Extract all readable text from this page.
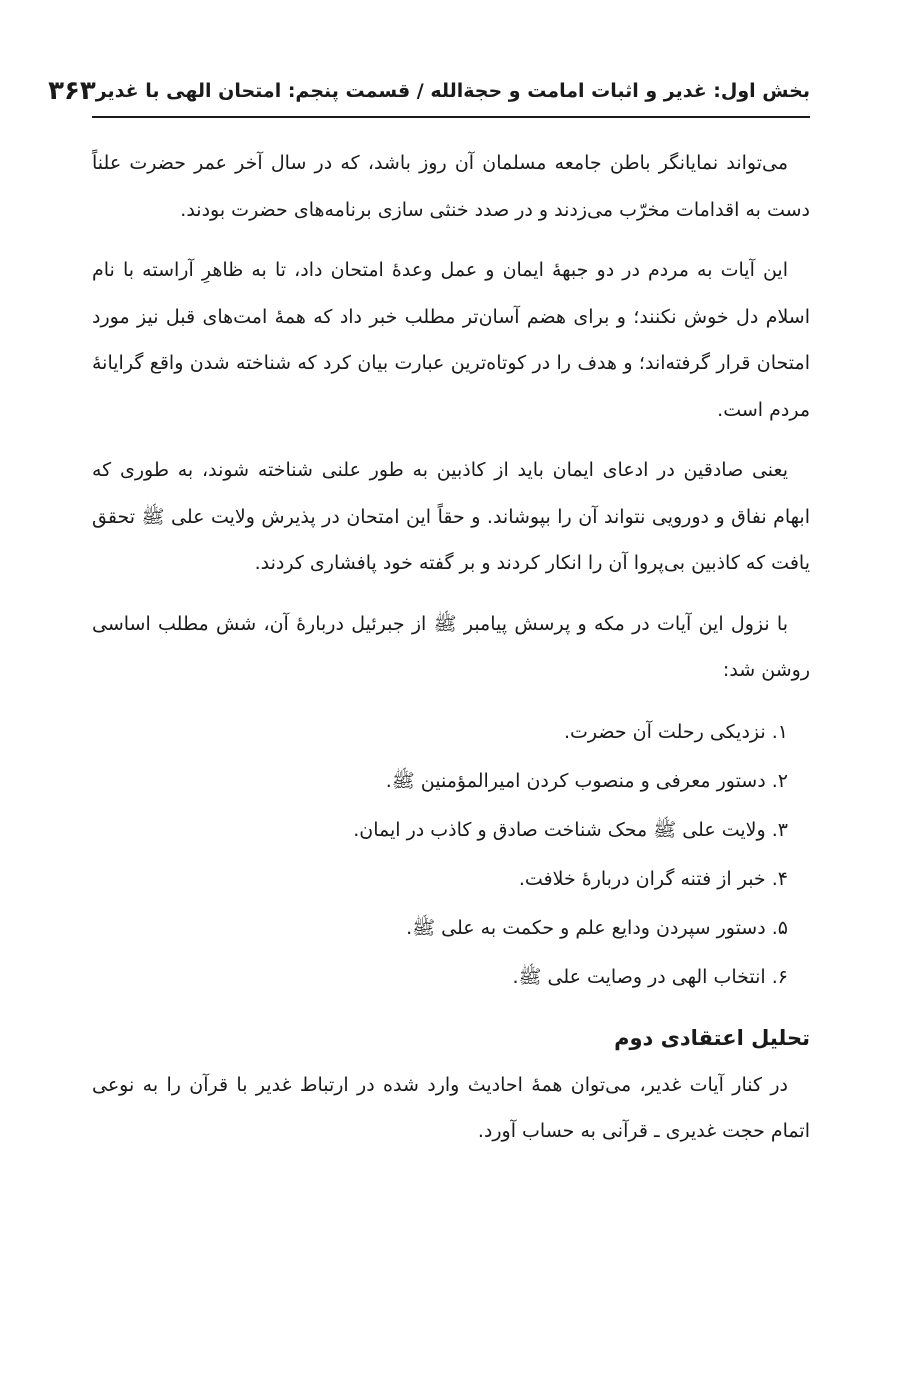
بخش اول: غدیر و اثبات امامت و حجةالله / قسمت پنجم: امتحان الهی با غدیر
۳۶۳

می‌تواند نمایانگر باطن جامعه مسلمان آن روز باشد، که در سال آخر عمر حضرت علناً دست به اقدامات مخرّب می‌زدند و در صدد خنثی سازی برنامه‌های حضرت بودند.

این آیات به مردم در دو جبههٔ ایمان و عمل وعدهٔ امتحان داد، تا به ظاهرِ آراسته با نام اسلام دل خوش نکنند؛ و برای هضم آسان‌تر مطلب خبر داد که همهٔ امت‌های قبل نیز مورد امتحان قرار گرفته‌اند؛ و هدف را در کوتاه‌ترین عبارت بیان کرد که شناخته شدن واقع گرایانهٔ مردم است.

یعنی صادقین در ادعای ایمان باید از کاذبین به طور علنی شناخته شوند، به طوری که ابهام نفاق و دورویی نتواند آن را بپوشاند. و حقاً این امتحان در پذیرش ولایت علی ﷺ تحقق یافت که کاذبین بی‌پروا آن را انکار کردند و بر گفته خود پافشاری کردند.

با نزول این آیات در مکه و پرسش پیامبر ﷺ از جبرئیل دربارهٔ آن، شش مطلب اساسی روشن شد:

۱. نزدیکی رحلت آن حضرت.
۲. دستور معرفی و منصوب کردن امیرالمؤمنین ﷺ.
۳. ولایت علی ﷺ محک شناخت صادق و کاذب در ایمان.
۴. خبر از فتنه گران دربارهٔ خلافت.
۵. دستور سپردن ودایع علم و حکمت به علی ﷺ.
۶. انتخاب الهی در وصایت علی ﷺ.
تحلیل اعتقادی دوم

در کنار آیات غدیر، می‌توان همهٔ احادیث وارد شده در ارتباط غدیر با قرآن را به نوعی اتمام حجت غدیری ـ قرآنی به حساب آورد.
